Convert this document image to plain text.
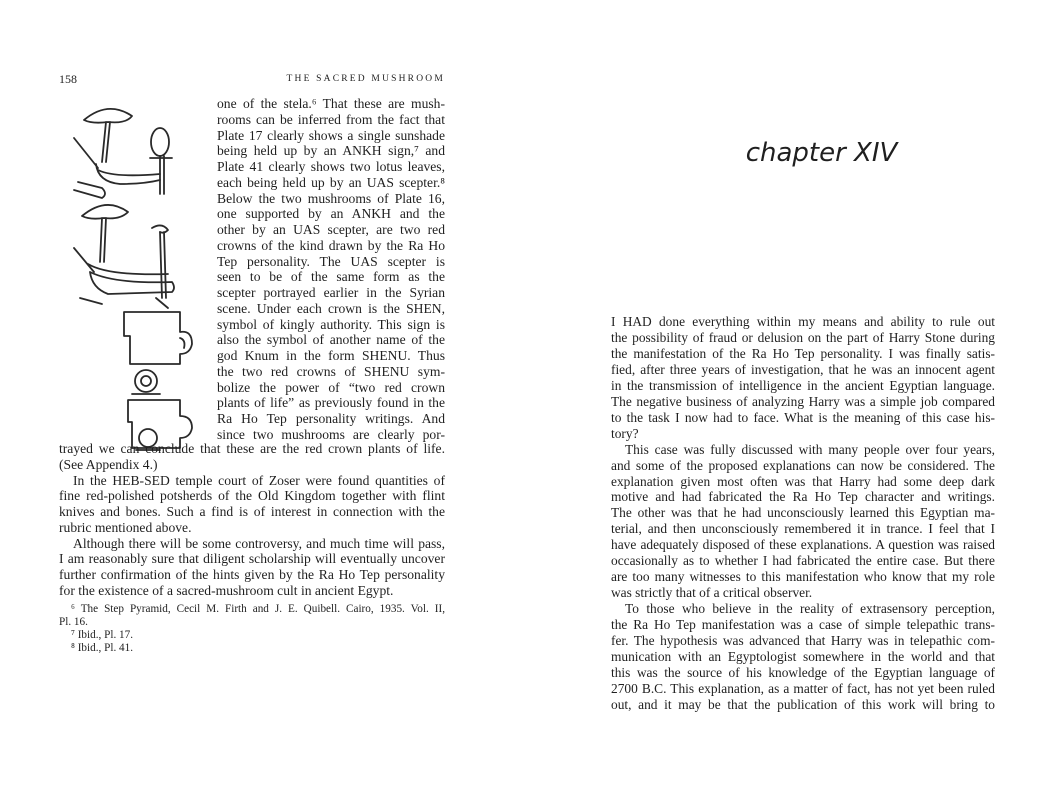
158	THE SACRED MUSHROOM
one of the stela.⁶ That these are mush-
rooms can be inferred from the fact that
Plate 17 clearly shows a single sunshade
being held up by an ANKH sign,⁷ and
Plate 41 clearly shows two lotus leaves,
each being held up by an UAS scepter.⁸
Below the two mushrooms of Plate 16,
one supported by an ANKH and the
other by an UAS scepter, are two red
crowns of the kind drawn by the Ra Ho
Tep personality. The UAS scepter is
seen to be of the same form as the
scepter portrayed earlier in the Syrian
scene. Under each crown is the SHEN,
symbol of kingly authority. This sign is
also the symbol of another name of the
god Knum in the form SHENU. Thus
the two red crowns of SHENU sym-
bolize the power of “two red crown
plants of life” as previously found in the
Ra Ho Tep personality writings. And
since two mushrooms are clearly por-
trayed we can conclude that these are the red crown plants of life.
(See Appendix 4.)
In the HEB-SED temple court of Zoser were found quantities of
fine red-polished potsherds of the Old Kingdom together with flint
knives and bones. Such a find is of interest in connection with the
rubric mentioned above.
Although there will be some controversy, and much time will pass,
I am reasonably sure that diligent scholarship will eventually uncover
further confirmation of the hints given by the Ra Ho Tep personality
for the existence of a sacred-mushroom cult in ancient Egypt.
⁶ The Step Pyramid, Cecil M. Firth and J. E. Quibell. Cairo, 1935. Vol. II,
Pl. 16.
⁷ Ibid., Pl. 17.
⁸ Ibid., Pl. 41.
chapter XIV
I HAD done everything within my means and ability to rule out
the possibility of fraud or delusion on the part of Harry Stone during
the manifestation of the Ra Ho Tep personality. I was finally satis-
fied, after three years of investigation, that he was an innocent agent
in the transmission of intelligence in the ancient Egyptian language.
The negative business of analyzing Harry was a simple job compared
to the task I now had to face. What is the meaning of this case his-
tory?
This case was fully discussed with many people over four years,
and some of the proposed explanations can now be considered. The
explanation given most often was that Harry had some deep dark
motive and had fabricated the Ra Ho Tep character and writings.
The other was that he had unconsciously learned this Egyptian ma-
terial, and then unconsciously remembered it in trance. I feel that I
have adequately disposed of these explanations. A question was raised
occasionally as to whether I had fabricated the entire case. But there
are too many witnesses to this manifestation who know that my role
was strictly that of a critical observer.
To those who believe in the reality of extrasensory perception,
the Ra Ho Tep manifestation was a case of simple telepathic trans-
fer. The hypothesis was advanced that Harry was in telepathic com-
munication with an Egyptologist somewhere in the world and that
this was the source of his knowledge of the Egyptian language of
2700 B.C. This explanation, as a matter of fact, has not yet been ruled
out, and it may be that the publication of this work will bring to
